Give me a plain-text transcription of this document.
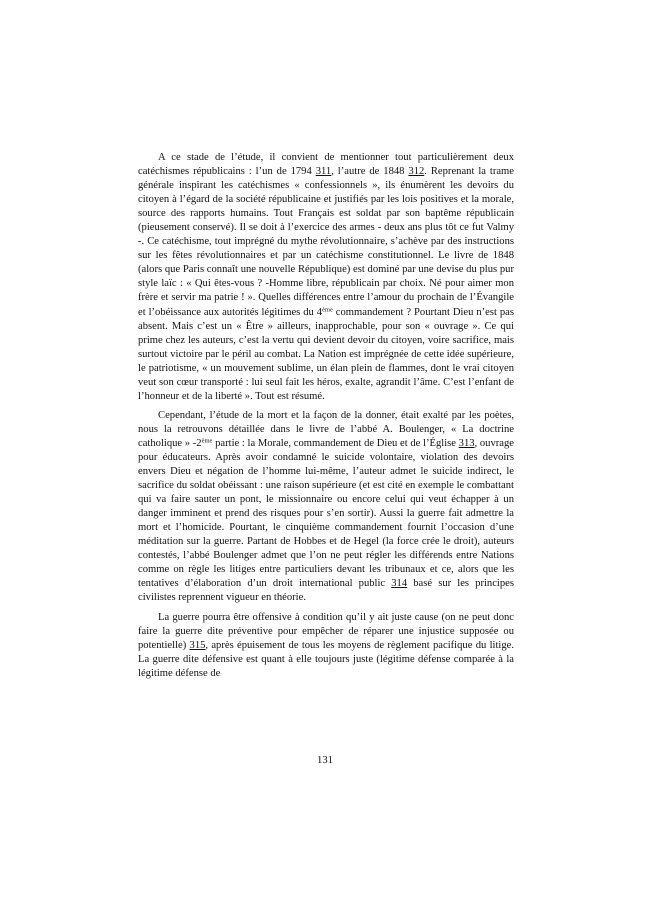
A ce stade de l’étude, il convient de mentionner tout particulièrement deux catéchismes républicains : l’un de 1794 311, l’autre de 1848 312. Reprenant la trame générale inspirant les catéchismes « confessionnels », ils énumèrent les devoirs du citoyen à l’égard de la société républicaine et justifiés par les lois positives et la morale, source des rapports humains. Tout Français est soldat par son baptême républicain (pieusement conservé). Il se doit à l’exercice des armes - deux ans plus tôt ce fut Valmy -. Ce catéchisme, tout imprégné du mythe révolutionnaire, s’achève par des instructions sur les fêtes révolutionnaires et par un catéchisme constitutionnel. Le livre de 1848 (alors que Paris connaît une nouvelle République) est dominé par une devise du plus pur style laïc : « Qui êtes-vous ? -Homme libre, républicain par choix. Né pour aimer mon frère et servir ma patrie ! ». Quelles différences entre l’amour du prochain de l’Évangile et l’obéissance aux autorités légitimes du 4ème commandement ? Pourtant Dieu n’est pas absent. Mais c’est un « Être » ailleurs, inapprochable, pour son « ouvrage ». Ce qui prime chez les auteurs, c’est la vertu qui devient devoir du citoyen, voire sacrifice, mais surtout victoire par le péril au combat. La Nation est imprégnée de cette idée supérieure, le patriotisme, « un mouvement sublime, un élan plein de flammes, dont le vrai citoyen veut son cœur transporté : lui seul fait les héros, exalte, agrandit l’âme. C’est l’enfant de l’honneur et de la liberté ». Tout est résumé.

Cependant, l’étude de la mort et la façon de la donner, était exalté par les poètes, nous la retrouvons détaillée dans le livre de l’abbé A. Boulenger, « La doctrine catholique » -2ème partie : la Morale, commandement de Dieu et de l’Église 313, ouvrage pour éducateurs. Après avoir condamné le suicide volontaire, violation des devoirs envers Dieu et négation de l’homme lui-même, l’auteur admet le suicide indirect, le sacrifice du soldat obéissant : une raison supérieure (et est cité en exemple le combattant qui va faire sauter un pont, le missionnaire ou encore celui qui veut échapper à un danger imminent et prend des risques pour s’en sortir). Aussi la guerre fait admettre la mort et l’homicide. Pourtant, le cinquième commandement fournit l’occasion d’une méditation sur la guerre. Partant de Hobbes et de Hegel (la force crée le droit), auteurs contestés, l’abbé Boulenger admet que l’on ne peut régler les différends entre Nations comme on règle les litiges entre particuliers devant les tribunaux et ce, alors que les tentatives d’élaboration d’un droit international public 314 basé sur les principes civilistes reprennent vigueur en théorie.

La guerre pourra être offensive à condition qu’il y ait juste cause (on ne peut donc faire la guerre dite préventive pour empêcher de réparer une injustice supposée ou potentielle) 315, après épuisement de tous les moyens de règlement pacifique du litige. La guerre dite défensive est quant à elle toujours juste (légitime défense comparée à la légitime défense de

131
